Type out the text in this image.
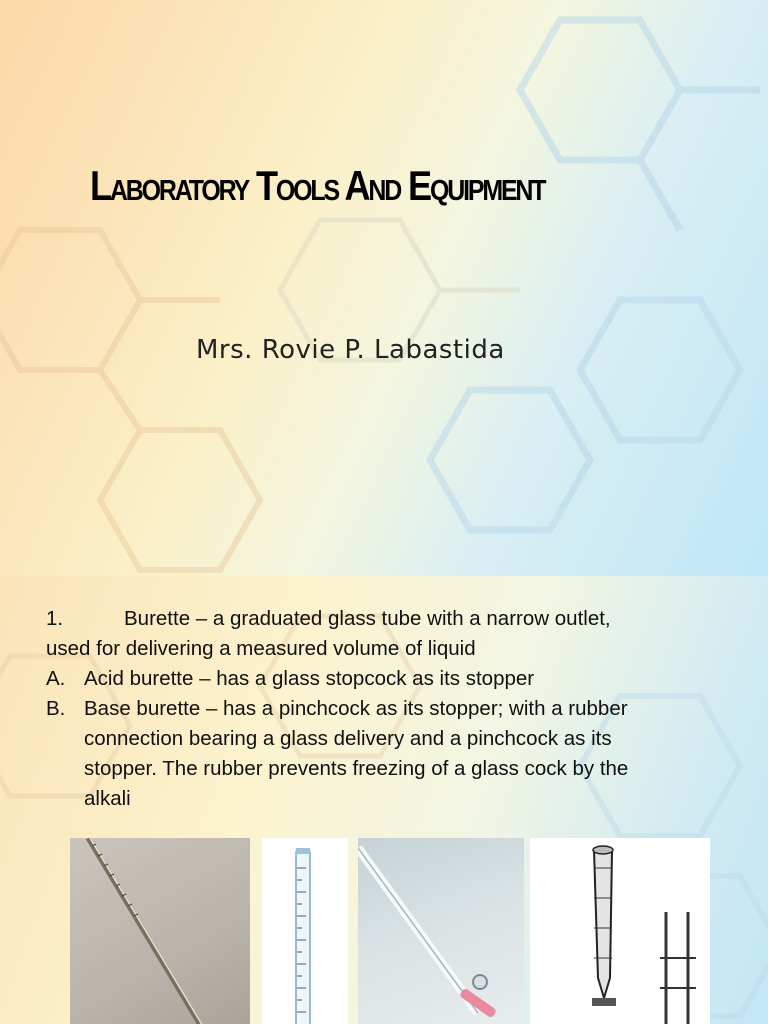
Laboratory Tools And Equipment

Mrs. Rovie P. Labastida

1.	Burette – a graduated glass tube with a narrow outlet,
used for delivering a measured volume of liquid
A. Acid burette – has a glass stopcock as its stopper
B. Base burette – has a pinchcock as its stopper; with a rubber
connection bearing a glass delivery and a pinchcock as its
stopper. The rubber prevents freezing of a glass cock by the
alkali
